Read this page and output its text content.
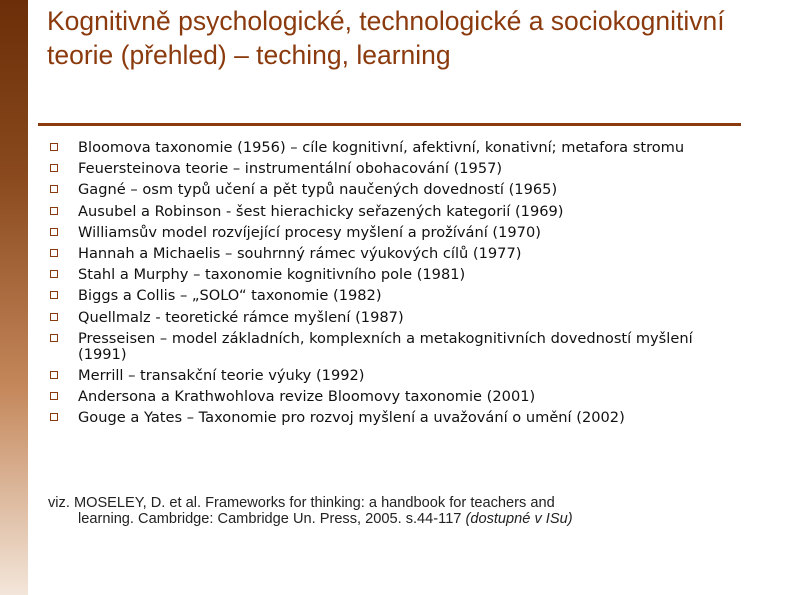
Kognitivně psychologické, technologické a sociokognitivní teorie (přehled) – teching, learning
Bloomova taxonomie (1956) – cíle kognitivní, afektivní, konativní; metafora stromu
Feuersteinova teorie – instrumentální obohacování (1957)
Gagné – osm typů učení a pět typů naučených dovedností (1965)
Ausubel a Robinson - šest hierachicky seřazených kategorií (1969)
Williamsův model rozvíjející procesy myšlení a prožívání (1970)
Hannah a Michaelis – souhrnný rámec výukových cílů (1977)
Stahl a Murphy – taxonomie kognitivního pole (1981)
Biggs a Collis – „SOLO“ taxonomie (1982)
Quellmalz - teoretické rámce myšlení (1987)
Presseisen – model základních, komplexních a metakognitivních dovedností myšlení (1991)
Merrill – transakční teorie výuky (1992)
Andersona a Krathwohlova revize Bloomovy taxonomie (2001)
Gouge a Yates – Taxonomie pro rozvoj myšlení a uvažování o umění (2002)
viz. MOSELEY, D. et al. Frameworks for thinking: a handbook for teachers and
learning. Cambridge: Cambridge Un. Press, 2005. s.44-117 (dostupné v ISu)
